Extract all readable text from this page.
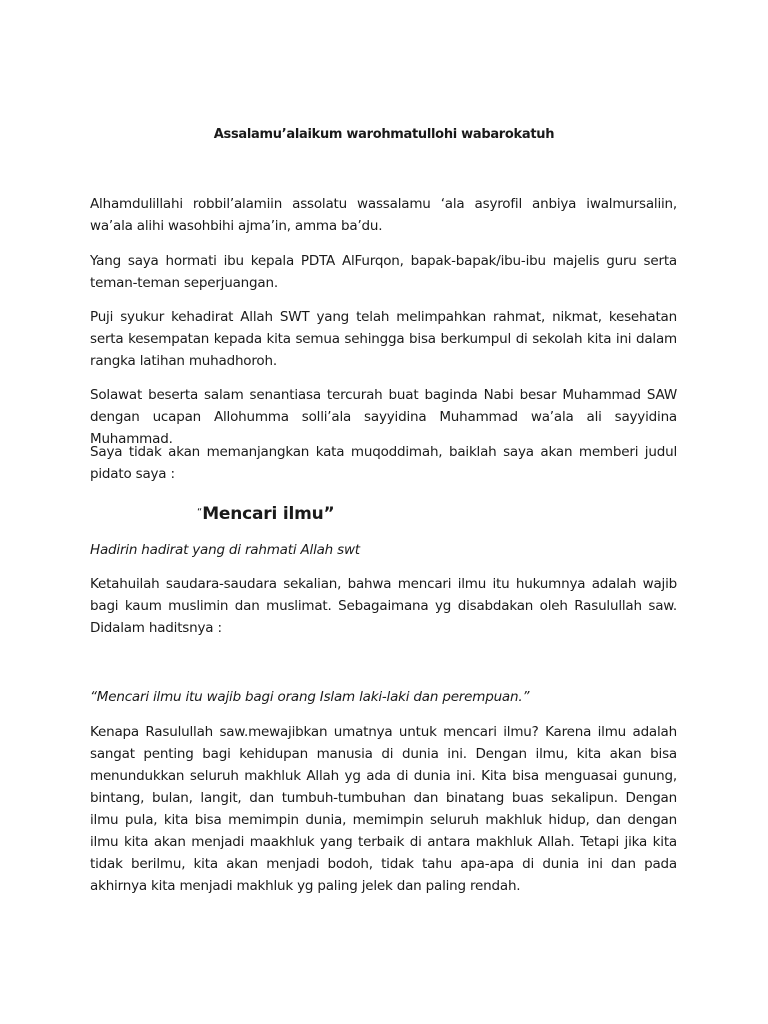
Assalamu’alaikum warohmatullohi wabarokatuh

Alhamdulillahi robbil’alamiin assolatu wassalamu ‘ala asyrofil anbiya iwalmursaliin, wa’ala alihi wasohbihi ajma’in, amma ba’du.

Yang saya hormati ibu kepala PDTA AlFurqon, bapak-bapak/ibu-ibu majelis guru serta teman-teman seperjuangan.

Puji syukur kehadirat Allah SWT yang telah melimpahkan rahmat, nikmat, kesehatan serta kesempatan kepada kita semua sehingga bisa berkumpul di sekolah kita ini dalam rangka latihan muhadhoroh.

Solawat beserta salam senantiasa tercurah buat baginda Nabi besar Muhammad SAW dengan ucapan Allohumma solli’ala sayyidina Muhammad wa’ala ali sayyidina Muhammad.

Saya tidak akan memanjangkan kata muqoddimah, baiklah saya akan memberi judul pidato saya :

“Mencari ilmu”

Hadirin hadirat yang di rahmati Allah swt

Ketahuilah saudara-saudara sekalian, bahwa mencari ilmu itu hukumnya adalah wajib bagi kaum muslimin dan muslimat. Sebagaimana yg disabdakan oleh Rasulullah saw. Didalam haditsnya :

“Mencari ilmu itu wajib bagi orang Islam laki-laki dan perempuan.”

Kenapa Rasulullah saw.mewajibkan umatnya untuk mencari ilmu? Karena ilmu adalah sangat penting bagi kehidupan manusia di dunia ini. Dengan ilmu, kita akan bisa menundukkan seluruh makhluk Allah yg ada di dunia ini. Kita bisa menguasai gunung, bintang, bulan, langit, dan tumbuh-tumbuhan dan binatang buas sekalipun. Dengan ilmu pula, kita bisa memimpin dunia, memimpin seluruh makhluk hidup, dan dengan ilmu kita akan menjadi maakhluk yang terbaik di antara makhluk Allah. Tetapi jika kita tidak berilmu, kita akan menjadi bodoh, tidak tahu apa-apa di dunia ini dan pada akhirnya kita menjadi makhluk yg paling jelek dan paling rendah.
